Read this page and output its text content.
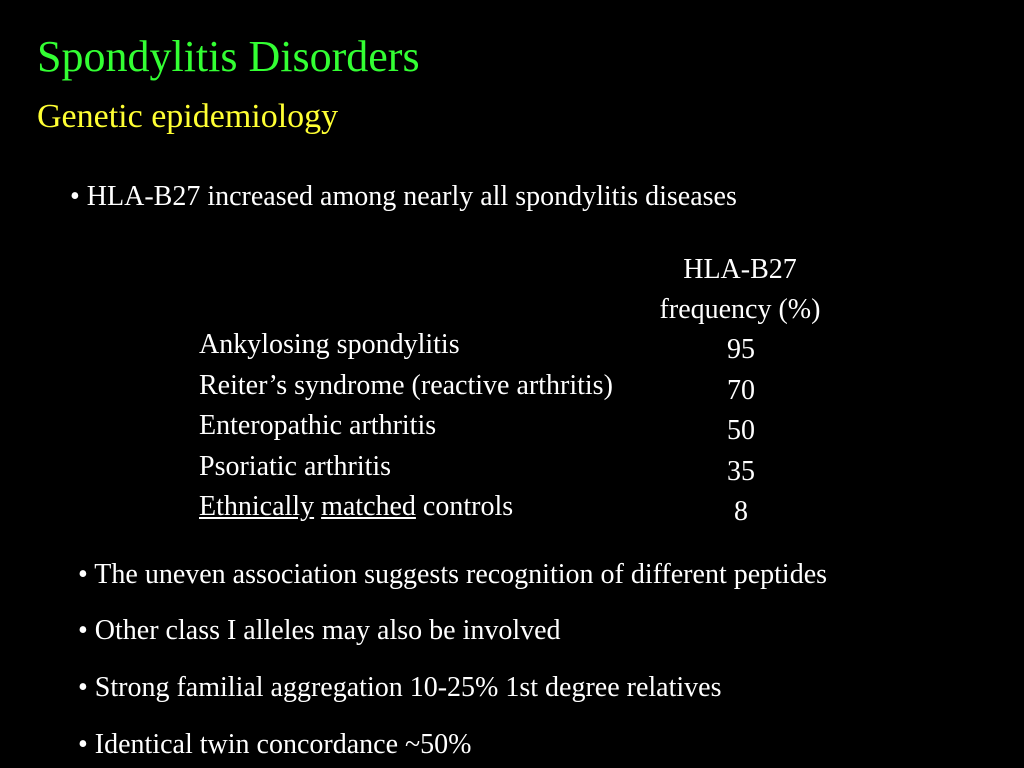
Spondylitis Disorders
Genetic epidemiology
• HLA-B27 increased among nearly all spondylitis diseases
HLA-B27
frequency (%)
Ankylosing spondylitis
Reiter’s syndrome (reactive arthritis)
Enteropathic arthritis
Psoriatic arthritis
Ethnically matched controls
95
70
50
35
8
• The uneven association suggests recognition of different peptides
• Other class I alleles may also be involved
• Strong familial aggregation 10-25% 1st degree relatives
• Identical twin concordance ~50%
